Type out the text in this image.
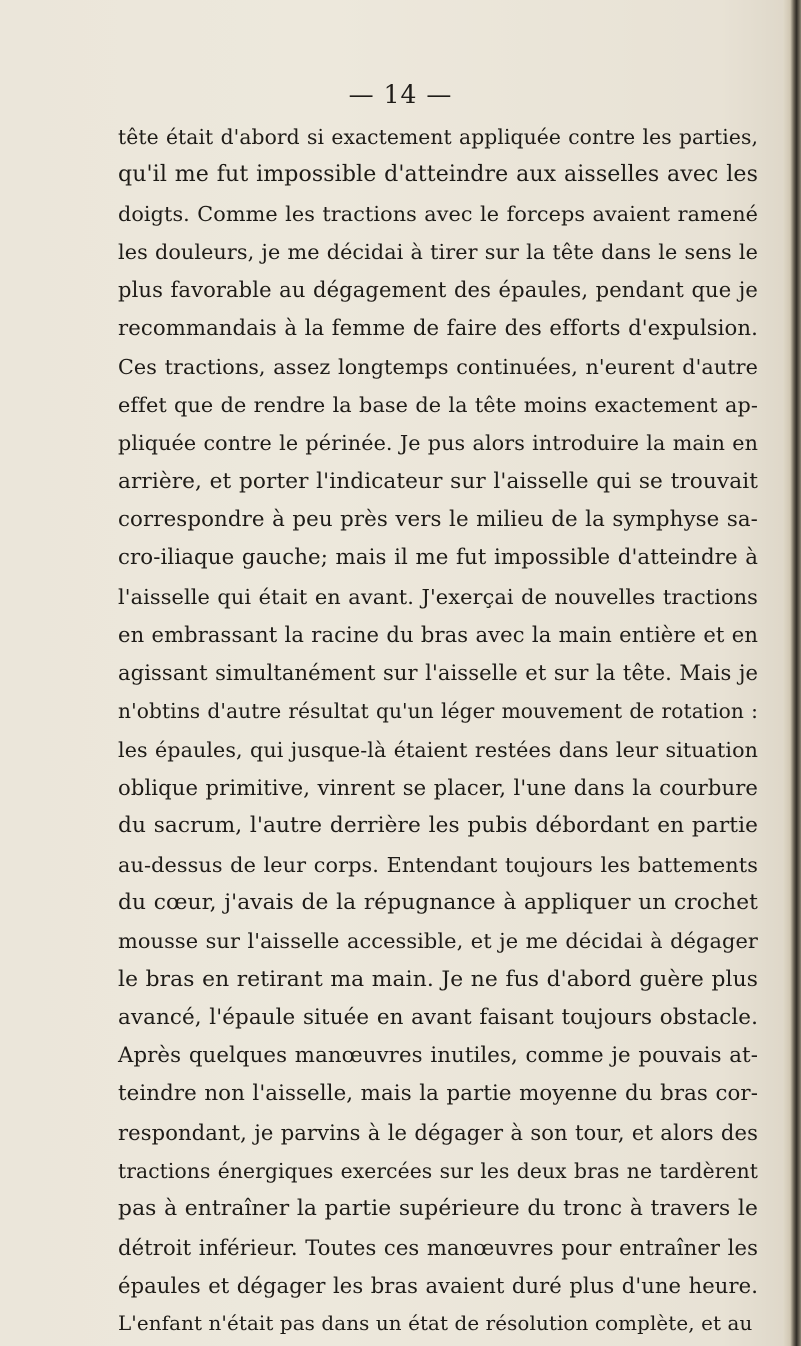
— 14 —
tête était d'abord si exactement appliquée contre les parties,
qu'il me fut impossible d'atteindre aux aisselles avec les
doigts. Comme les tractions avec le forceps avaient ramené
les douleurs, je me décidai à tirer sur la tête dans le sens le
plus favorable au dégagement des épaules, pendant que je
recommandais à la femme de faire des efforts d'expulsion.
Ces tractions, assez longtemps continuées, n'eurent d'autre
effet que de rendre la base de la tête moins exactement ap-
pliquée contre le périnée. Je pus alors introduire la main en
arrière, et porter l'indicateur sur l'aisselle qui se trouvait
correspondre à peu près vers le milieu de la symphyse sa-
cro-iliaque gauche; mais il me fut impossible d'atteindre à
l'aisselle qui était en avant. J'exerçai de nouvelles tractions
en embrassant la racine du bras avec la main entière et en
agissant simultanément sur l'aisselle et sur la tête. Mais je
n'obtins d'autre résultat qu'un léger mouvement de rotation :
les épaules, qui jusque-là étaient restées dans leur situation
oblique primitive, vinrent se placer, l'une dans la courbure
du sacrum, l'autre derrière les pubis débordant en partie
au-dessus de leur corps. Entendant toujours les battements
du cœur, j'avais de la répugnance à appliquer un crochet
mousse sur l'aisselle accessible, et je me décidai à dégager
le bras en retirant ma main. Je ne fus d'abord guère plus
avancé, l'épaule située en avant faisant toujours obstacle.
Après quelques manœuvres inutiles, comme je pouvais at-
teindre non l'aisselle, mais la partie moyenne du bras cor-
respondant, je parvins à le dégager à son tour, et alors des
tractions énergiques exercées sur les deux bras ne tardèrent
pas à entraîner la partie supérieure du tronc à travers le
détroit inférieur. Toutes ces manœuvres pour entraîner les
épaules et dégager les bras avaient duré plus d'une heure.
L'enfant n'était pas dans un état de résolution complète, et au
